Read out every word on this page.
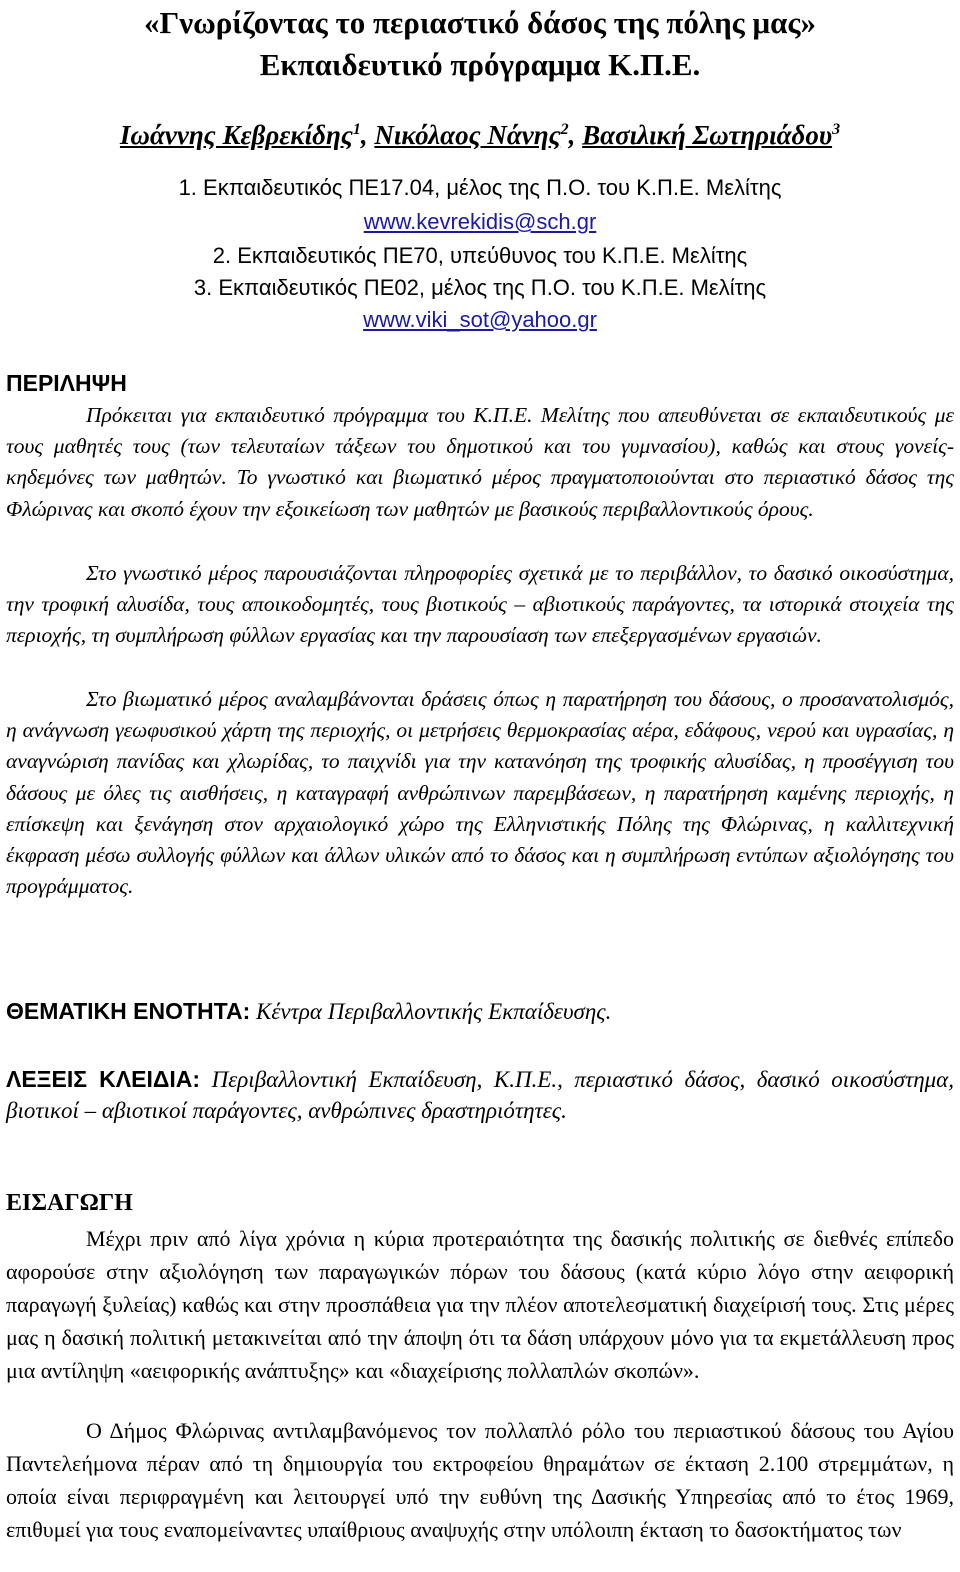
«Γνωρίζοντας το περιαστικό δάσος της πόλης μας»
Εκπαιδευτικό πρόγραμμα Κ.Π.Ε.
Ιωάννης Κεβρεκίδης$^1$, Νικόλαος Νάνης$^2$, Βασιλική Σωτηριάδου$^3$
1. Εκπαιδευτικός ΠΕ17.04, μέλος της Π.Ο. του Κ.Π.Ε. Μελίτης
www.kevrekidis@sch.gr
2. Εκπαιδευτικός ΠΕ70, υπεύθυνος του Κ.Π.Ε. Μελίτης
3. Εκπαιδευτικός ΠΕ02, μέλος της Π.Ο. του Κ.Π.Ε. Μελίτης
www.viki_sot@yahoo.gr
ΠΕΡΙΛΗΨΗ

Πρόκειται για εκπαιδευτικό πρόγραμμα του Κ.Π.Ε. Μελίτης που απευθύνεται σε εκπαιδευτικούς με τους μαθητές τους (των τελευταίων τάξεων του δημοτικού και του γυμνασίου), καθώς και στους γονείς-κηδεμόνες των μαθητών. Το γνωστικό και βιωματικό μέρος πραγματοποιούνται στο περιαστικό δάσος της Φλώρινας και σκοπό έχουν την εξοικείωση των μαθητών με βασικούς περιβαλλοντικούς όρους.

Στο γνωστικό μέρος παρουσιάζονται πληροφορίες σχετικά με το περιβάλλον, το δασικό οικοσύστημα, την τροφική αλυσίδα, τους αποικοδομητές, τους βιοτικούς – αβιοτικούς παράγοντες, τα ιστορικά στοιχεία της περιοχής, τη συμπλήρωση φύλλων εργασίας και την παρουσίαση των επεξεργασμένων εργασιών.

Στο βιωματικό μέρος αναλαμβάνονται δράσεις όπως η παρατήρηση του δάσους, ο προσανατολισμός, η ανάγνωση γεωφυσικού χάρτη της περιοχής, οι μετρήσεις θερμοκρασίας αέρα, εδάφους, νερού και υγρασίας, η αναγνώριση πανίδας και χλωρίδας, το παιχνίδι για την κατανόηση της τροφικής αλυσίδας, η προσέγγιση του δάσους με όλες τις αισθήσεις, η καταγραφή ανθρώπινων παρεμβάσεων, η παρατήρηση καμένης περιοχής, η επίσκεψη και ξενάγηση στον αρχαιολογικό χώρο της Ελληνιστικής Πόλης της Φλώρινας, η καλλιτεχνική έκφραση μέσω συλλογής φύλλων και άλλων υλικών από το δάσος και η συμπλήρωση εντύπων αξιολόγησης του προγράμματος.

ΘΕΜΑΤΙΚΗ ΕΝΟΤΗΤΑ: Κέντρα Περιβαλλοντικής Εκπαίδευσης.
ΛΕΞΕΙΣ ΚΛΕΙΔΙΑ: Περιβαλλοντική Εκπαίδευση, Κ.Π.Ε., περιαστικό δάσος, δασικό οικοσύστημα, βιοτικοί – αβιοτικοί παράγοντες, ανθρώπινες δραστηριότητες.
ΕΙΣΑΓΩΓΗ

Μέχρι πριν από λίγα χρόνια η κύρια προτεραιότητα της δασικής πολιτικής σε διεθνές επίπεδο αφορούσε στην αξιολόγηση των παραγωγικών πόρων του δάσους (κατά κύριο λόγο στην αειφορική παραγωγή ξυλείας) καθώς και στην προσπάθεια για την πλέον αποτελεσματική διαχείρισή τους. Στις μέρες μας η δασική πολιτική μετακινείται από την άποψη ότι τα δάση υπάρχουν μόνο για τα εκμετάλλευση προς μια αντίληψη «αειφορικής ανάπτυξης» και «διαχείρισης πολλαπλών σκοπών».

Ο Δήμος Φλώρινας αντιλαμβανόμενος τον πολλαπλό ρόλο του περιαστικού δάσους του Αγίου Παντελεήμονα πέραν από τη δημιουργία του εκτροφείου θηραμάτων σε έκταση 2.100 στρεμμάτων, η οποία είναι περιφραγμένη και λειτουργεί υπό την ευθύνη της Δασικής Υπηρεσίας από το έτος 1969, επιθυμεί για τους εναπομείναντες υπαίθριους αναψυχής στην υπόλοιπη έκταση το δασοκτήματος των
